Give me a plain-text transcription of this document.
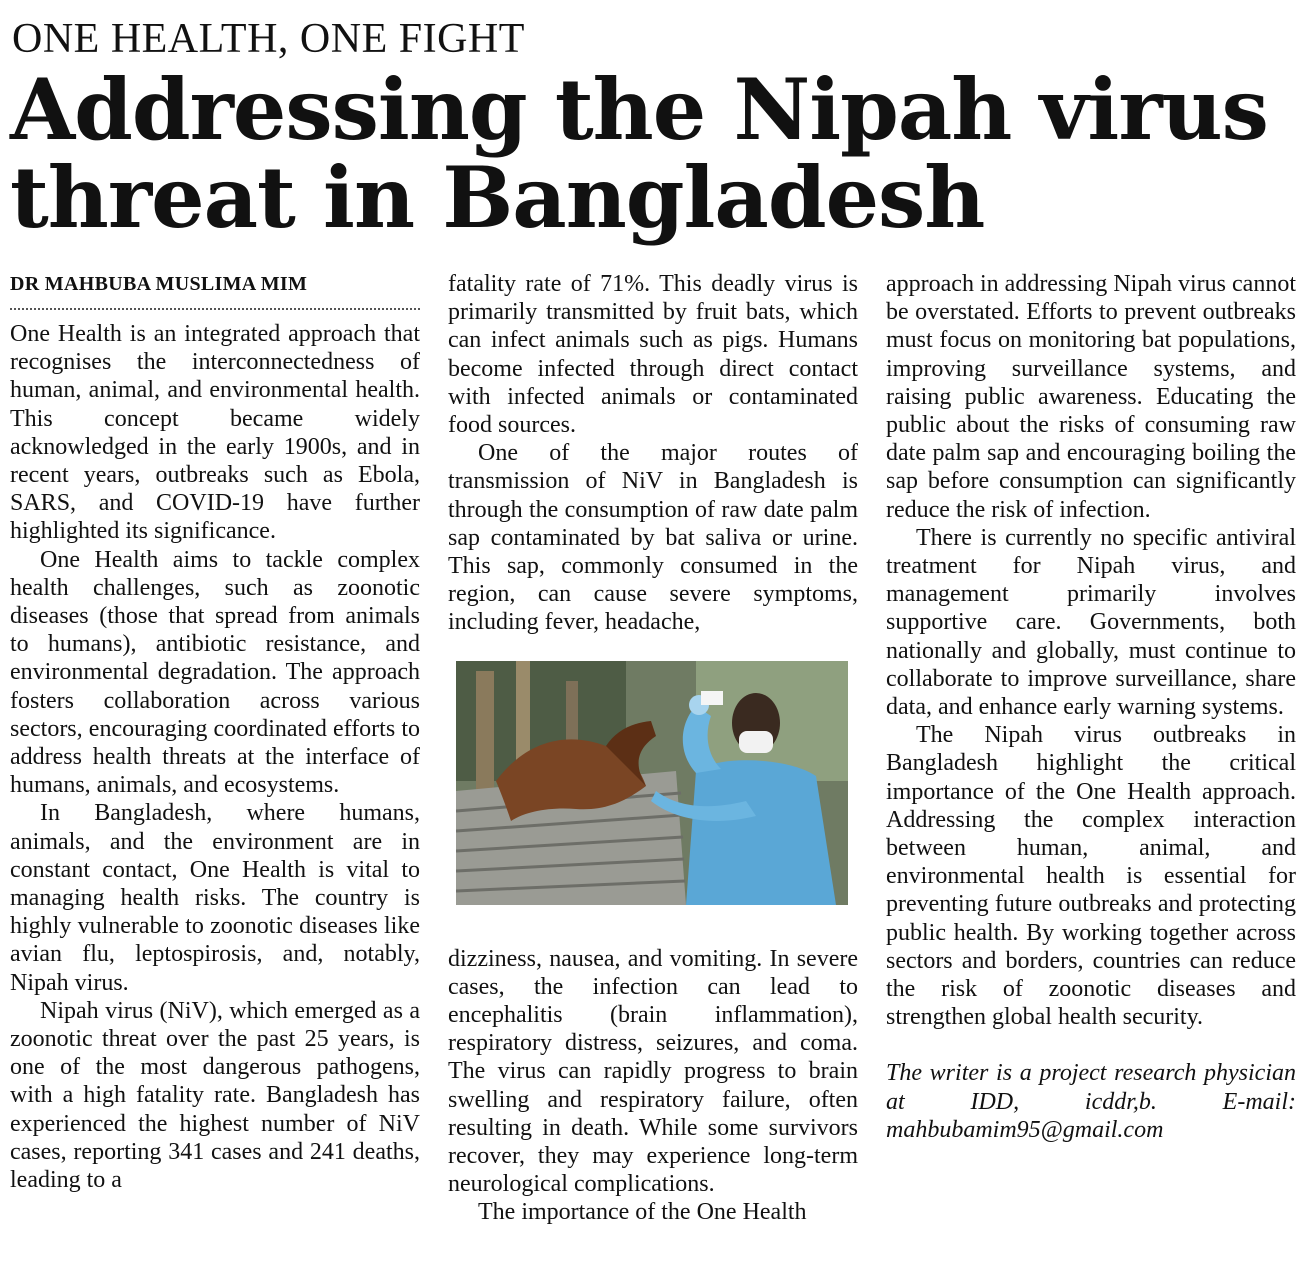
ONE HEALTH, ONE FIGHT
Addressing the Nipah virus threat in Bangladesh
DR MAHBUBA MUSLIMA MIM

One Health is an integrated approach that recognises the interconnectedness of human, animal, and environmental health. This concept became widely acknowledged in the early 1900s, and in recent years, outbreaks such as Ebola, SARS, and COVID-19 have further highlighted its significance.

One Health aims to tackle complex health challenges, such as zoonotic diseases (those that spread from animals to humans), antibiotic resistance, and environmental degradation. The approach fosters collaboration across various sectors, encouraging coordinated efforts to address health threats at the interface of humans, animals, and ecosystems.

In Bangladesh, where humans, animals, and the environment are in constant contact, One Health is vital to managing health risks. The country is highly vulnerable to zoonotic diseases like avian flu, leptospirosis, and, notably, Nipah virus.

Nipah virus (NiV), which emerged as a zoonotic threat over the past 25 years, is one of the most dangerous pathogens, with a high fatality rate. Bangladesh has experienced the highest number of NiV cases, reporting 341 cases and 241 deaths, leading to a

fatality rate of 71%. This deadly virus is primarily transmitted by fruit bats, which can infect animals such as pigs. Humans become infected through direct contact with infected animals or contaminated food sources.

One of the major routes of transmission of NiV in Bangladesh is through the consumption of raw date palm sap contaminated by bat saliva or urine. This sap, commonly consumed in the region, can cause severe symptoms, including fever, headache,

dizziness, nausea, and vomiting. In severe cases, the infection can lead to encephalitis (brain inflammation), respiratory distress, seizures, and coma. The virus can rapidly progress to brain swelling and respiratory failure, often resulting in death. While some survivors recover, they may experience long-term neurological complications.

The importance of the One Health

approach in addressing Nipah virus cannot be overstated. Efforts to prevent outbreaks must focus on monitoring bat populations, improving surveillance systems, and raising public awareness. Educating the public about the risks of consuming raw date palm sap and encouraging boiling the sap before consumption can significantly reduce the risk of infection.

There is currently no specific antiviral treatment for Nipah virus, and management primarily involves supportive care. Governments, both nationally and globally, must continue to collaborate to improve surveillance, share data, and enhance early warning systems.

The Nipah virus outbreaks in Bangladesh highlight the critical importance of the One Health approach. Addressing the complex interaction between human, animal, and environmental health is essential for preventing future outbreaks and protecting public health. By working together across sectors and borders, countries can reduce the risk of zoonotic diseases and strengthen global health security.

The writer is a project research physician at IDD, icddr,b. E-mail: mahbubamim95@gmail.com
